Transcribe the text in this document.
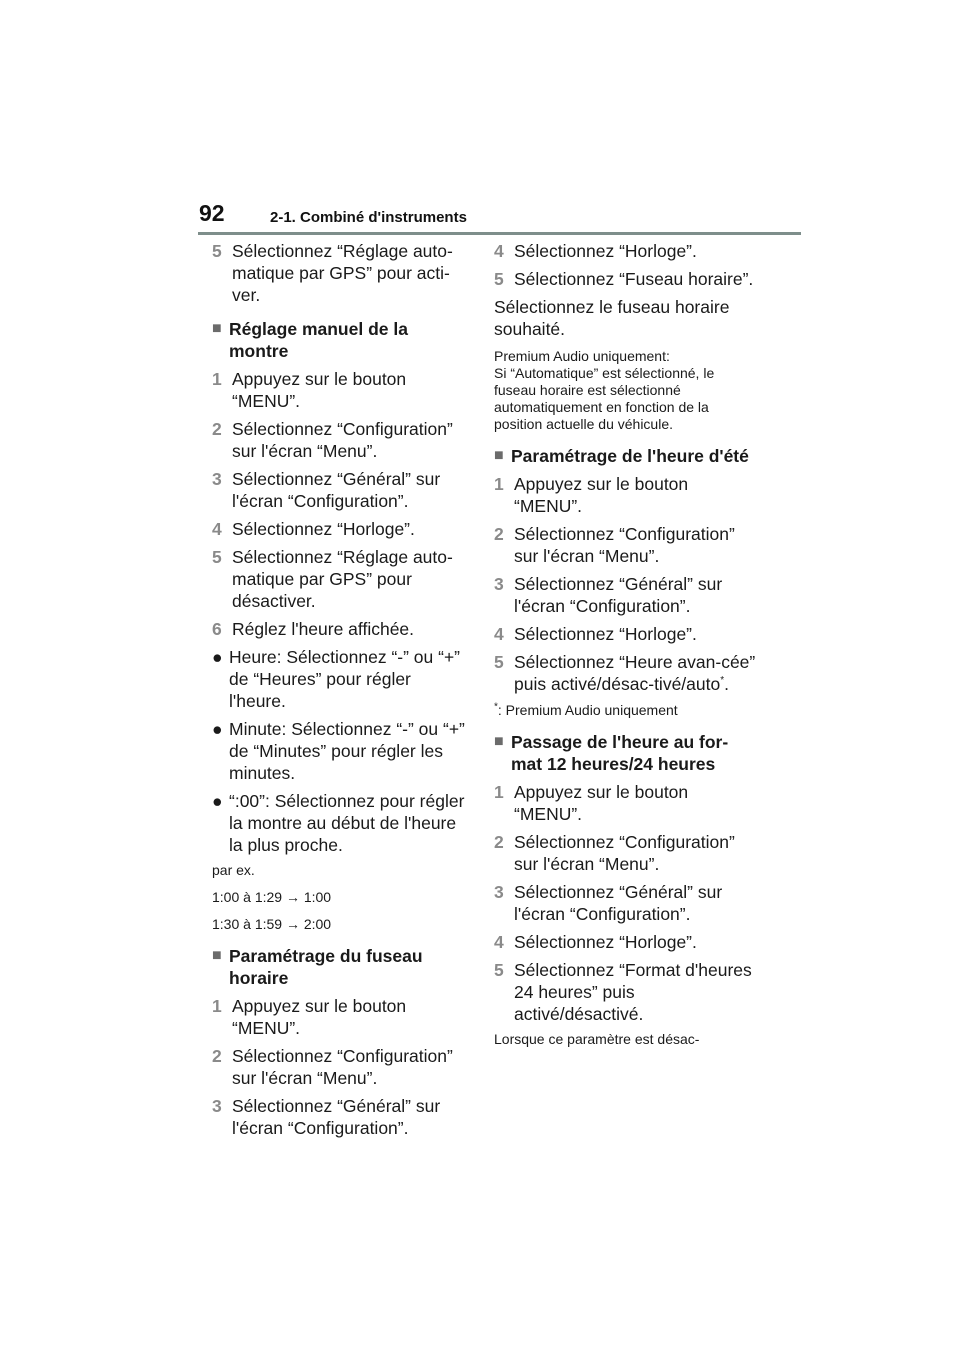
92	2-1. Combiné d'instruments
5 Sélectionnez “Réglage auto-matique par GPS” pour acti-ver.
■ Réglage manuel de la montre
1 Appuyez sur le bouton “MENU”.
2 Sélectionnez “Configuration” sur l'écran “Menu”.
3 Sélectionnez “Général” sur l'écran “Configuration”.
4 Sélectionnez “Horloge”.
5 Sélectionnez “Réglage auto-matique par GPS” pour désactiver.
6 Réglez l'heure affichée.
● Heure: Sélectionnez “-” ou “+” de “Heures” pour régler l'heure.
● Minute: Sélectionnez “-” ou “+” de “Minutes” pour régler les minutes.
● “:00”: Sélectionnez pour régler la montre au début de l'heure la plus proche.
par ex.
1:00 à 1:29 → 1:00
1:30 à 1:59 → 2:00
■ Paramétrage du fuseau horaire
1 Appuyez sur le bouton “MENU”.
2 Sélectionnez “Configuration” sur l'écran “Menu”.
3 Sélectionnez “Général” sur l'écran “Configuration”.
4 Sélectionnez “Horloge”.
5 Sélectionnez “Fuseau horaire”.
Sélectionnez le fuseau horaire souhaité.
Premium Audio uniquement:
Si “Automatique” est sélectionné, le fuseau horaire est sélectionné automatiquement en fonction de la position actuelle du véhicule.
■ Paramétrage de l'heure d'été
1 Appuyez sur le bouton “MENU”.
2 Sélectionnez “Configuration” sur l'écran “Menu”.
3 Sélectionnez “Général” sur l'écran “Configuration”.
4 Sélectionnez “Horloge”.
5 Sélectionnez “Heure avan-cée” puis activé/désac-tivé/auto*.
*: Premium Audio uniquement
■ Passage de l'heure au for-mat 12 heures/24 heures
1 Appuyez sur le bouton “MENU”.
2 Sélectionnez “Configuration” sur l'écran “Menu”.
3 Sélectionnez “Général” sur l'écran “Configuration”.
4 Sélectionnez “Horloge”.
5 Sélectionnez “Format d'heures 24 heures” puis activé/désactivé.
Lorsque ce paramètre est désac-
